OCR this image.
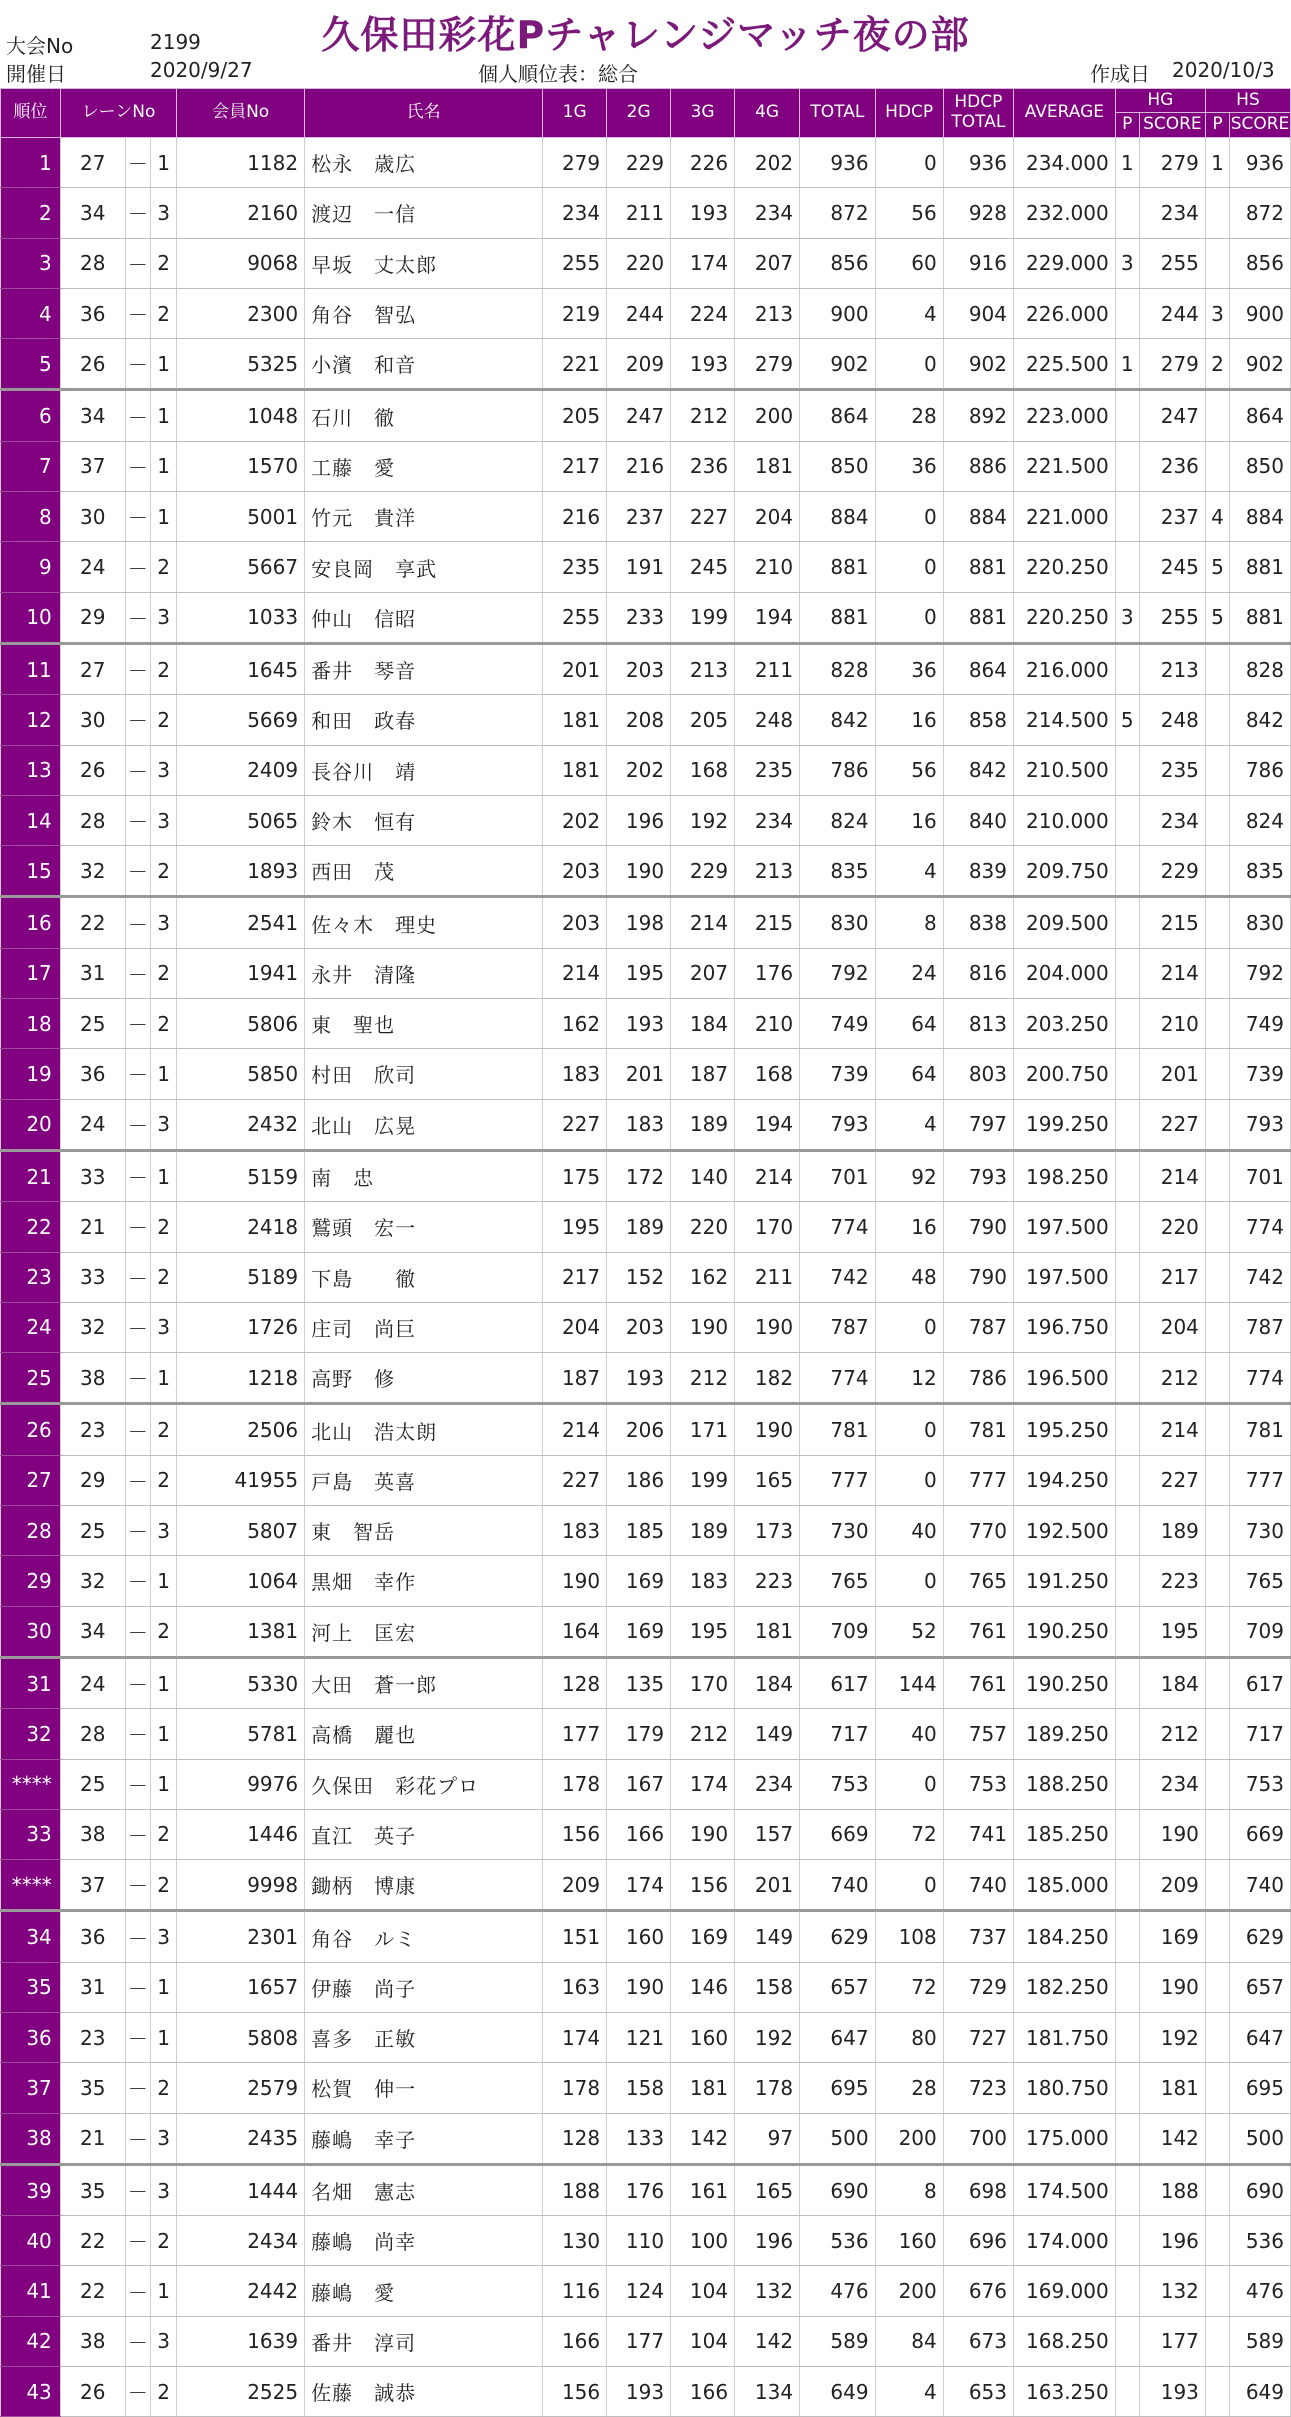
久保田彩花Pチャレンジマッチ夜の部
大会No	2199
開催日	2020/9/27	個人順位表：総合	作成日 2020/10/3
順位	レーンNo			会員No	氏名	1G	2G	3G	4G	TOTAL	HDCP	HDCP
TOTAL	AVERAGE	HG		HS	
														P	SCORE	P	SCORE
1	27	－	1	1182	松永　歳広	279	229	226	202	936	0	936	234.000	1	279	1	936
2	34	－	3	2160	渡辺　一信	234	211	193	234	872	56	928	232.000		234		872
3	28	－	2	9068	早坂　丈太郎	255	220	174	207	856	60	916	229.000	3	255		856
4	36	－	2	2300	角谷　智弘	219	244	224	213	900	4	904	226.000		244	3	900
5	26	－	1	5325	小濱　和音	221	209	193	279	902	0	902	225.500	1	279	2	902
6	34	－	1	1048	石川　徹	205	247	212	200	864	28	892	223.000		247		864
7	37	－	1	1570	工藤　愛	217	216	236	181	850	36	886	221.500		236		850
8	30	－	1	5001	竹元　貴洋	216	237	227	204	884	0	884	221.000		237	4	884
9	24	－	2	5667	安良岡　享武	235	191	245	210	881	0	881	220.250		245	5	881
10	29	－	3	1033	仲山　信昭	255	233	199	194	881	0	881	220.250	3	255	5	881
11	27	－	2	1645	番井　琴音	201	203	213	211	828	36	864	216.000		213		828
12	30	－	2	5669	和田　政春	181	208	205	248	842	16	858	214.500	5	248		842
13	26	－	3	2409	長谷川　靖	181	202	168	235	786	56	842	210.500		235		786
14	28	－	3	5065	鈴木　恒有	202	196	192	234	824	16	840	210.000		234		824
15	32	－	2	1893	西田　茂	203	190	229	213	835	4	839	209.750		229		835
16	22	－	3	2541	佐々木　理史	203	198	214	215	830	8	838	209.500		215		830
17	31	－	2	1941	永井　清隆	214	195	207	176	792	24	816	204.000		214		792
18	25	－	2	5806	東　聖也	162	193	184	210	749	64	813	203.250		210		749
19	36	－	1	5850	村田　欣司	183	201	187	168	739	64	803	200.750		201		739
20	24	－	3	2432	北山　広晃	227	183	189	194	793	4	797	199.250		227		793
21	33	－	1	5159	南　忠	175	172	140	214	701	92	793	198.250		214		701
22	21	－	2	2418	鷲頭　宏一	195	189	220	170	774	16	790	197.500		220		774
23	33	－	2	5189	下島　　徹	217	152	162	211	742	48	790	197.500		217		742
24	32	－	3	1726	庄司　尚巨	204	203	190	190	787	0	787	196.750		204		787
25	38	－	1	1218	高野　修	187	193	212	182	774	12	786	196.500		212		774
26	23	－	2	2506	北山　浩太朗	214	206	171	190	781	0	781	195.250		214		781
27	29	－	2	41955	戸島　英喜	227	186	199	165	777	0	777	194.250		227		777
28	25	－	3	5807	東　智岳	183	185	189	173	730	40	770	192.500		189		730
29	32	－	1	1064	黒畑　幸作	190	169	183	223	765	0	765	191.250		223		765
30	34	－	2	1381	河上　匡宏	164	169	195	181	709	52	761	190.250		195		709
31	24	－	1	5330	大田　蒼一郎	128	135	170	184	617	144	761	190.250		184		617
32	28	－	1	5781	高橋　麗也	177	179	212	149	717	40	757	189.250		212		717
****	25	－	1	9976	久保田　彩花プロ	178	167	174	234	753	0	753	188.250		234		753
33	38	－	2	1446	直江　英子	156	166	190	157	669	72	741	185.250		190		669
****	37	－	2	9998	鋤柄　博康	209	174	156	201	740	0	740	185.000		209		740
34	36	－	3	2301	角谷　ルミ	151	160	169	149	629	108	737	184.250		169		629
35	31	－	1	1657	伊藤　尚子	163	190	146	158	657	72	729	182.250		190		657
36	23	－	1	5808	喜多　正敏	174	121	160	192	647	80	727	181.750		192		647
37	35	－	2	2579	松賀　伸一	178	158	181	178	695	28	723	180.750		181		695
38	21	－	3	2435	藤嶋　幸子	128	133	142	97	500	200	700	175.000		142		500
39	35	－	3	1444	名畑　憲志	188	176	161	165	690	8	698	174.500		188		690
40	22	－	2	2434	藤嶋　尚幸	130	110	100	196	536	160	696	174.000		196		536
41	22	－	1	2442	藤嶋　愛	116	124	104	132	476	200	676	169.000		132		476
42	38	－	3	1639	番井　淳司	166	177	104	142	589	84	673	168.250		177		589
43	26	－	2	2525	佐藤　誠恭	156	193	166	134	649	4	653	163.250		193		649
